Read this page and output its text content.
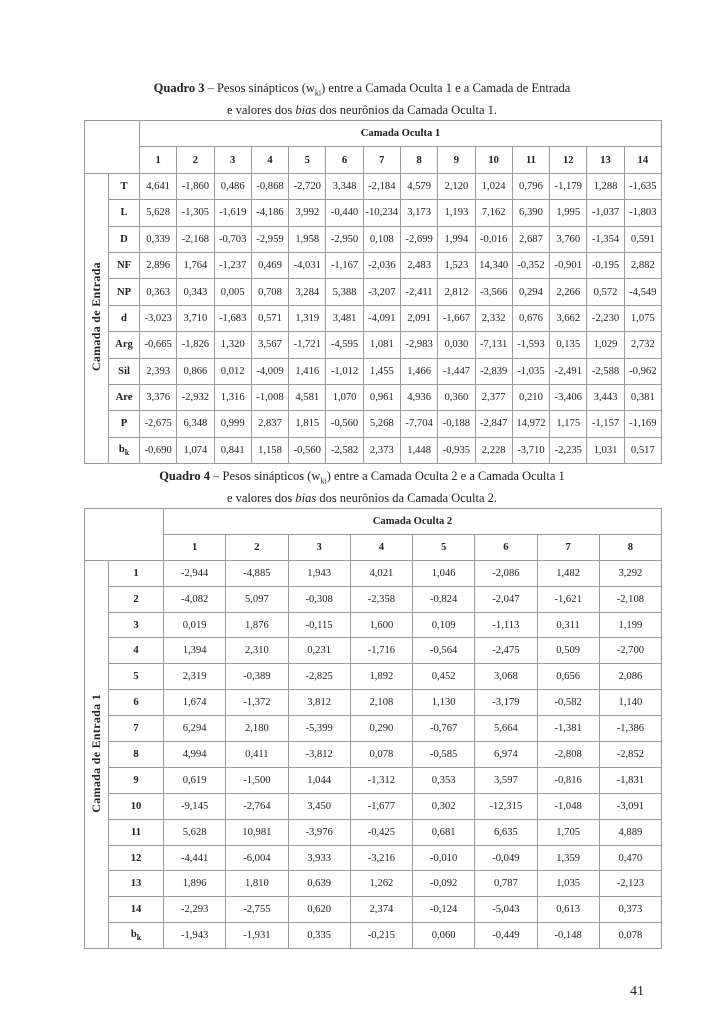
Quadro 3 – Pesos sinápticos $(w_{ki})$ entre a Camada Oculta 1 e a Camada de Entrada
e valores dos bias dos neurônios da Camada Oculta 1.
		Camada Oculta 1													
		1	2	3	4	5	6	7	8	9	10	11	12	13	14
Camada de Entrada	T	4,641	-1,860	0,486	-0,868	-2,720	3,348	-2,184	4,579	2,120	1,024	0,796	-1,179	1,288	-1,635
	L	5,628	-1,305	-1,619	-4,186	3,992	-0,440	-10,234	3,173	1,193	7,162	6,390	1,995	-1,037	-1,803
	D	0,339	-2,168	-0,703	-2,959	1,958	-2,950	0,108	-2,699	1,994	-0,016	2,687	3,760	-1,354	0,591
	NF	2,896	1,764	-1,237	0,469	-4,031	-1,167	-2,036	2,483	1,523	14,340	-0,352	-0,901	-0,195	2,882
	NP	0,363	0,343	0,005	0,708	3,284	5,388	-3,207	-2,411	2,812	-3,566	0,294	2,266	0,572	-4,549
	d	-3,023	3,710	-1,683	0,571	1,319	3,481	-4,091	2,091	-1,667	2,332	0,676	3,662	-2,230	1,075
	Arg	-0,665	-1,826	1,320	3,567	-1,721	-4,595	1,081	-2,983	0,030	-7,131	-1,593	0,135	1,029	2,732
	Sil	2,393	0,866	0,012	-4,009	1,416	-1,012	1,455	1,466	-1,447	-2,839	-1,035	-2,491	-2,588	-0,962
	Are	3,376	-2,932	1,316	-1,008	4,581	1,070	0,961	4,936	0,360	2,377	0,210	-3,406	3,443	0,381
	P	-2,675	6,348	0,999	2,837	1,815	-0,560	5,268	-7,704	-0,188	-2,847	14,972	1,175	-1,157	-1,169
	$b_k$	-0,690	1,074	0,841	1,158	-0,560	-2,582	2,373	1,448	-0,935	2,228	-3,710	-2,235	1,031	0,517
Quadro 4 – Pesos sinápticos $(w_{ki})$ entre a Camada Oculta 2 e a Camada Oculta 1
e valores dos bias dos neurônios da Camada Oculta 2.
		Camada Oculta 2							
		1	2	3	4	5	6	7	8
Camada de Entrada 1	1	-2,944	-4,885	1,943	4,021	1,046	-2,086	1,482	3,292
	2	-4,082	5,097	-0,308	-2,358	-0,824	-2,047	-1,621	-2,108
	3	0,019	1,876	-0,115	1,600	0,109	-1,113	0,311	1,199
	4	1,394	2,310	0,231	-1,716	-0,564	-2,475	0,509	-2,700
	5	2,319	-0,389	-2,825	1,892	0,452	3,068	0,656	2,086
	6	1,674	-1,372	3,812	2,108	1,130	-3,179	-0,582	1,140
	7	6,294	2,180	-5,399	0,290	-0,767	5,664	-1,381	-1,386
	8	4,994	0,411	-3,812	0,078	-0,585	6,974	-2,808	-2,852
	9	0,619	-1,500	1,044	-1,312	0,353	3,597	-0,816	-1,831
	10	-9,145	-2,764	3,450	-1,677	0,302	-12,315	-1,048	-3,091
	11	5,628	10,981	-3,976	-0,425	0,681	6,635	1,705	4,889
	12	-4,441	-6,004	3,933	-3,216	-0,010	-0,049	1,359	0,470
	13	1,896	1,810	0,639	1,262	-0,092	0,787	1,035	-2,123
	14	-2,293	-2,755	0,620	2,374	-0,124	-5,043	0,613	0,373
	$b_k$	-1,943	-1,931	0,335	-0,215	0,060	-0,449	-0,148	0,078
41
